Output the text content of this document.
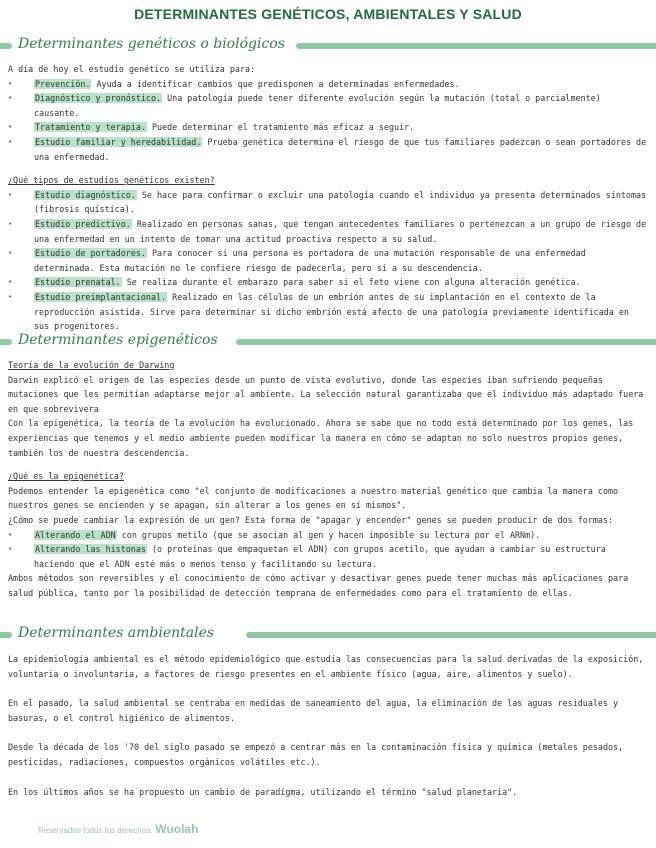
DETERMINANTES GENÉTICOS, AMBIENTALES Y SALUD
Determinantes genéticos o biológicos

A día de hoy el estudio genético se utiliza para:

• Prevención. Ayuda a identificar cambios que predisponen a determinadas enfermedades.
• Diagnóstico y pronóstico. Una patología puede tener diferente evolución según la mutación (total o parcialmente) causante.
• Tratamiento y terapia. Puede determinar el tratamiento más eficaz a seguir.
• Estudio familiar y heredabilidad. Prueba genética determina el riesgo de que tus familiares padezcan o sean portadores de una enfermedad.

¿Qué tipos de estudios genéticos existen?

• Estudio diagnóstico. Se hace para confirmar o excluir una patología cuando el individuo ya presenta determinados síntomas (fibrosis quística).
• Estudio predictivo. Realizado en personas sanas, que tengan antecedentes familiares o pertenezcan a un grupo de riesgo de una enfermedad en un intento de tomar una actitud proactiva respecto a su salud.
• Estudio de portadores. Para conocer si una persona es portadora de una mutación responsable de una enfermedad determinada. Esta mutación no le confiere riesgo de padecerla, pero sí a su descendencia.
• Estudio prenatal. Se realiza durante el embarazo para saber si el feto viene con alguna alteración genética.
• Estudio preimplantacional. Realizado en las células de un embrión antes de su implantación en el contexto de la reproducción asistida. Sirve para determinar si dicho embrión está afecto de una patología previamente identificada en sus progenitores.
Determinantes epigenéticos

Teoría de la evolución de Darwing

Darwin explicó el origen de las especies desde un punto de vista evolutivo, donde las especies iban sufriendo pequeñas mutaciones que les permitían adaptarse mejor al ambiente. La selección natural garantizaba que el individuo más adaptado fuera en que sobrevivera

Con la epigenética, la teoría de la evolución ha evolucionado. Ahora se sabe que no todo está determinado por los genes, las experiencias que tenemos y el medio ambiente pueden modificar la manera en cómo se adaptan no solo nuestros propios genes, también los de nuestra descendencia.

¿Qué es la epigenética?

Podemos entender la epigenética como "el conjunto de modificaciones a nuestro material genético que cambia la manera como nuestros genes se encienden y se apagan, sin alterar a los genes en sí mismos".

¿Cómo se puede cambiar la expresión de un gen? Esta forma de "apagar y encender" genes se pueden producir de dos formas:

• Alterando el ADN con grupos metilo (que se asocian al gen y hacen imposible su lectura por el ARNm).
• Alterando las histonas (o proteínas que empaquetan el ADN) con grupos acetilo, que ayudan a cambiar su estructura haciendo que el ADN esté más o menos tenso y facilitando su lectura.

Ambos métodos son reversibles y el conocimiento de cómo activar y desactivar genes puede tener muchas más aplicaciones para salud pública, tanto por la posibilidad de detección temprana de enfermedades como para el tratamiento de ellas.

Determinantes ambientales

La epidemiología ambiental es el método epidemiológico que estudia las consecuencias para la salud derivadas de la exposición, voluntaria o involuntaria, a factores de riesgo presentes en el ambiente físico (agua, aire, alimentos y suelo).

En el pasado, la salud ambiental se centraba en medidas de saneamiento del agua, la eliminación de las aguas residuales y basuras, o el control higiénico de alimentos.

Desde la década de los '70 del siglo pasado se empezó a centrar más en la contaminación física y química (metales pesados, pesticidas, radiaciones, compuestos orgánicos volátiles etc.).

En los últimos años se ha propuesto un cambio de paradigma, utilizando el término "salud planetaria".

Reservados todos los derechos. Wuolah
